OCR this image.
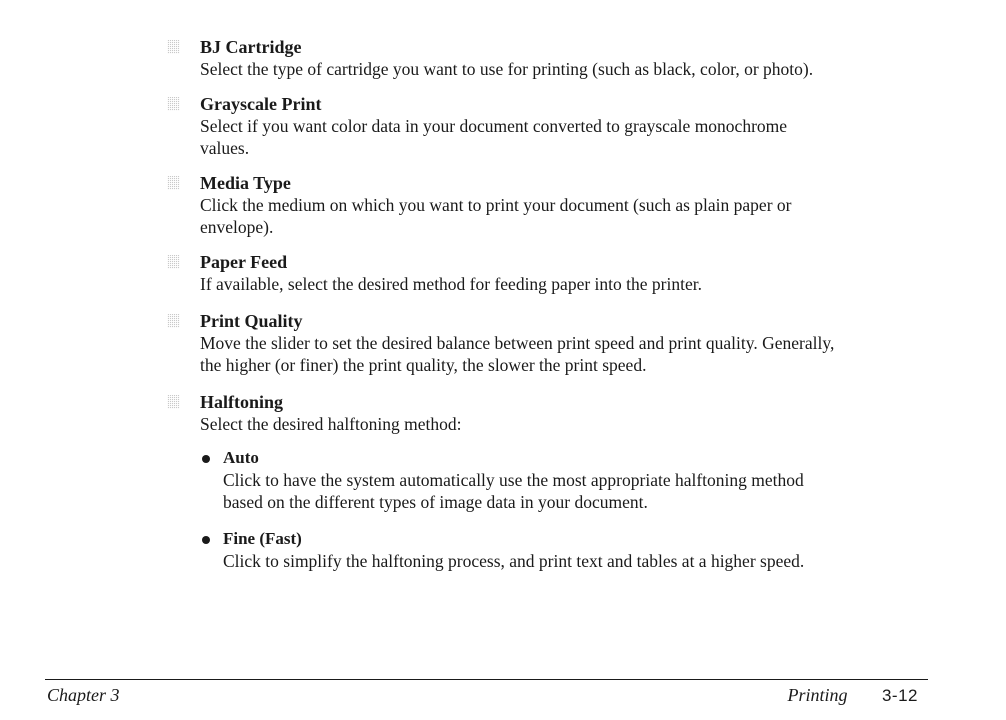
BJ Cartridge
Select the type of cartridge you want to use for printing (such as black, color, or photo).
Grayscale Print
Select if you want color data in your document converted to grayscale monochrome
values.
Media Type
Click the medium on which you want to print your document (such as plain paper or
envelope).
Paper Feed
If available, select the desired method for feeding paper into the printer.
Print Quality
Move the slider to set the desired balance between print speed and print quality. Generally,
the higher (or finer) the print quality, the slower the print speed.
Halftoning
Select the desired halftoning method:
Auto
Click to have the system automatically use the most appropriate halftoning method
based on the different types of image data in your document.
Fine (Fast)
Click to simplify the halftoning process, and print text and tables at a higher speed.
Chapter 3	Printing 3-12
